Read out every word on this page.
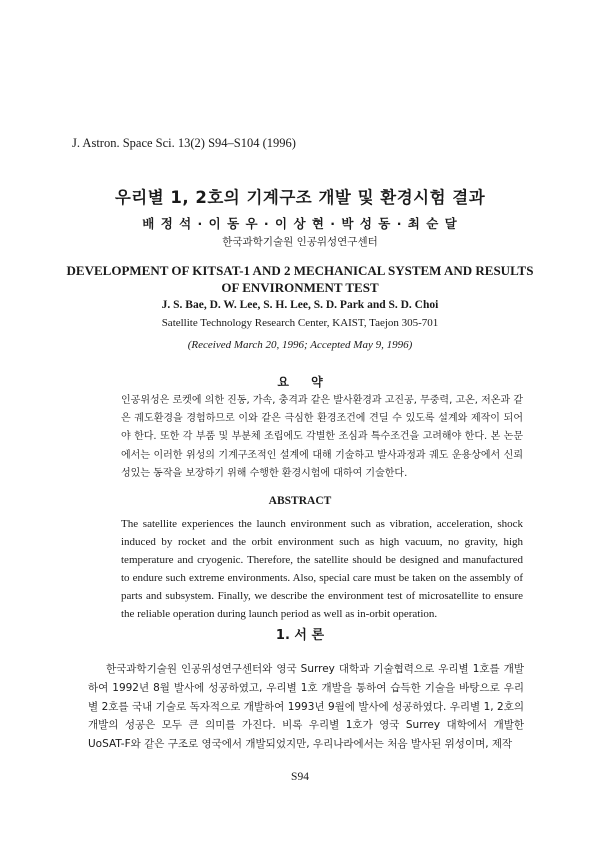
J. Astron. Space Sci. 13(2) S94–S104 (1996)
우리별 1, 2호의 기계구조 개발 및 환경시험 결과
배 정 석 · 이 동 우 · 이 상 현 · 박 성 동 · 최 순 달
한국과학기술원 인공위성연구센터
DEVELOPMENT OF KITSAT-1 AND 2 MECHANICAL SYSTEM AND RESULTS OF ENVIRONMENT TEST
J. S. Bae, D. W. Lee, S. H. Lee, S. D. Park and S. D. Choi
Satellite Technology Research Center, KAIST, Taejon 305-701
(Received March 20, 1996; Accepted May 9, 1996)
요 약
인공위성은 로켓에 의한 진동, 가속, 충격과 같은 발사환경과 고진공, 무중력, 고온, 저온과 같은 궤도환경을 경험하므로 이와 같은 극심한 환경조건에 견딜 수 있도록 설계와 제작이 되어야 한다. 또한 각 부품 및 부분체 조립에도 각별한 조심과 특수조건을 고려해야 한다. 본 논문에서는 이러한 위성의 기계구조적인 설계에 대해 기술하고 발사과정과 궤도 운용상에서 신뢰성있는 동작을 보장하기 위해 수행한 환경시험에 대하여 기술한다.
ABSTRACT
The satellite experiences the launch environment such as vibration, acceleration, shock induced by rocket and the orbit environment such as high vacuum, no gravity, high temperature and cryogenic. Therefore, the satellite should be designed and manufactured to endure such extreme environments. Also, special care must be taken on the assembly of parts and subsystem. Finally, we describe the environment test of microsatellite to ensure the reliable operation during launch period as well as in-orbit operation.
1. 서 론
한국과학기술원 인공위성연구센터와 영국 Surrey 대학과 기술협력으로 우리별 1호를 개발하여 1992년 8월 발사에 성공하였고, 우리별 1호 개발을 통하여 습득한 기술을 바탕으로 우리별 2호를 국내 기술로 독자적으로 개발하여 1993년 9월에 발사에 성공하였다. 우리별 1, 2호의 개발의 성공은 모두 큰 의미를 가진다. 비록 우리별 1호가 영국 Surrey 대학에서 개발한 UoSAT-F와 같은 구조로 영국에서 개발되었지만, 우리나라에서는 처음 발사된 위성이며, 제작
S94
